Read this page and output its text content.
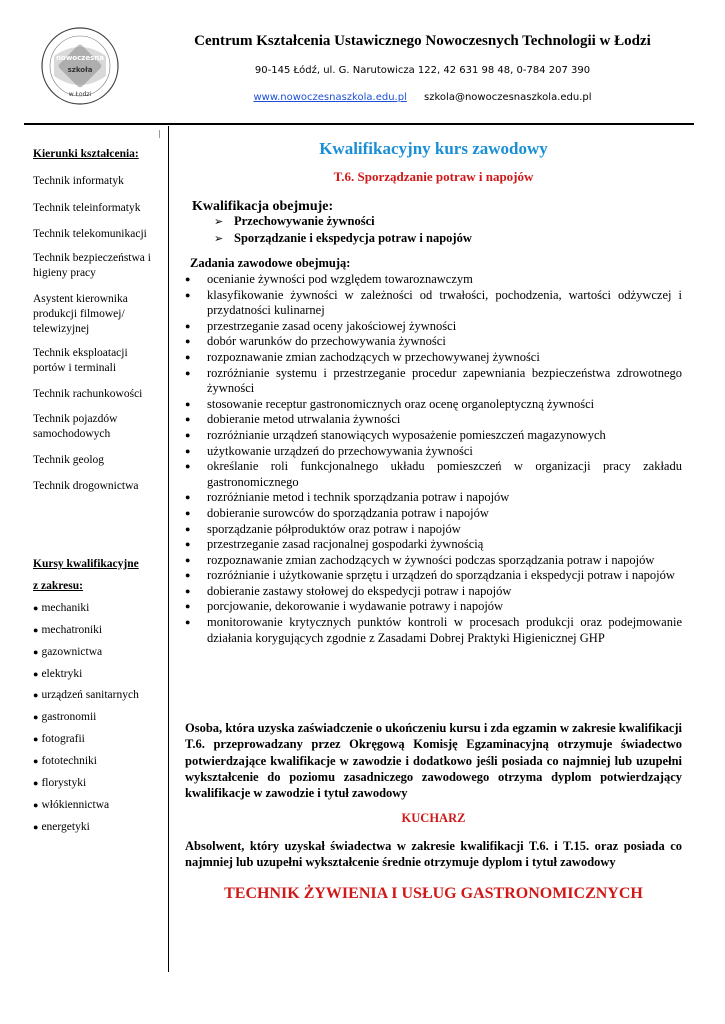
nowoczesna
szkoła
w Łodzi
Centrum Kształcenia Ustawicznego Nowoczesnych Technologii w Łodzi
90-145 Łódź, ul. G. Narutowicza 122, 42 631 98 48, 0-784 207 390
www.nowoczesnaszkola.edu.pl szkola@nowoczesnaszkola.edu.pl
Kierunki kształcenia:
Technik informatyk
Technik teleinformatyk
Technik telekomunikacji
Technik bezpieczeństwa i higieny pracy
Asystent kierownika produkcji filmowej/ telewizyjnej
Technik eksploatacji portów i terminali
Technik rachunkowości
Technik pojazdów samochodowych
Technik geolog
Technik drogownictwa
Kursy kwalifikacyjne
z zakresu:
● mechaniki
● mechatroniki
● gazownictwa
● elektryki
● urządzeń sanitarnych
● gastronomii
● fotografii
● fototechniki
● florystyki
● włókiennictwa
● energetyki
Kwalifikacyjny kurs zawodowy
T.6. Sporządzanie potraw i napojów
Kwalifikacja obejmuje:
➢ Przechowywanie żywności
➢ Sporządzanie i ekspedycja potraw i napojów
Zadania zawodowe obejmują:
● ocenianie żywności pod względem towaroznawczym
● klasyfikowanie żywności w zależności od trwałości, pochodzenia, wartości odżywczej i przydatności kulinarnej
● przestrzeganie zasad oceny jakościowej żywności
● dobór warunków do przechowywania żywności
● rozpoznawanie zmian zachodzących w przechowywanej żywności
● rozróżnianie systemu i przestrzeganie procedur zapewniania bezpieczeństwa zdrowotnego żywności
● stosowanie receptur gastronomicznych oraz ocenę organoleptyczną żywności
● dobieranie metod utrwalania żywności
● rozróżnianie urządzeń stanowiących wyposażenie pomieszczeń magazynowych
● użytkowanie urządzeń do przechowywania żywności
● określanie roli funkcjonalnego układu pomieszczeń w organizacji pracy zakładu gastronomicznego
● rozróżnianie metod i technik sporządzania potraw i napojów
● dobieranie surowców do sporządzania potraw i napojów
● sporządzanie półproduktów oraz potraw i napojów
● przestrzeganie zasad racjonalnej gospodarki żywnością
● rozpoznawanie zmian zachodzących w żywności podczas sporządzania potraw i napojów
● rozróżnianie i użytkowanie sprzętu i urządzeń do sporządzania i ekspedycji potraw i napojów
● dobieranie zastawy stołowej do ekspedycji potraw i napojów
● porcjowanie, dekorowanie i wydawanie potrawy i napojów
● monitorowanie krytycznych punktów kontroli w procesach produkcji oraz podejmowanie działania korygujących zgodnie z Zasadami Dobrej Praktyki Higienicznej GHP
Osoba, która uzyska zaświadczenie o ukończeniu kursu i zda egzamin w zakresie kwalifikacji T.6. przeprowadzany przez Okręgową Komisję Egzaminacyjną otrzymuje świadectwo potwierdzające kwalifikacje w zawodzie i dodatkowo jeśli posiada co najmniej lub uzupełni wykształcenie do poziomu zasadniczego zawodowego otrzyma dyplom potwierdzający kwalifikacje w zawodzie i tytuł zawodowy
KUCHARZ
Absolwent, który uzyskał świadectwa w zakresie kwalifikacji T.6. i T.15. oraz posiada co najmniej lub uzupełni wykształcenie średnie otrzymuje dyplom i tytuł zawodowy
TECHNIK ŻYWIENIA I USŁUG GASTRONOMICZNYCH
